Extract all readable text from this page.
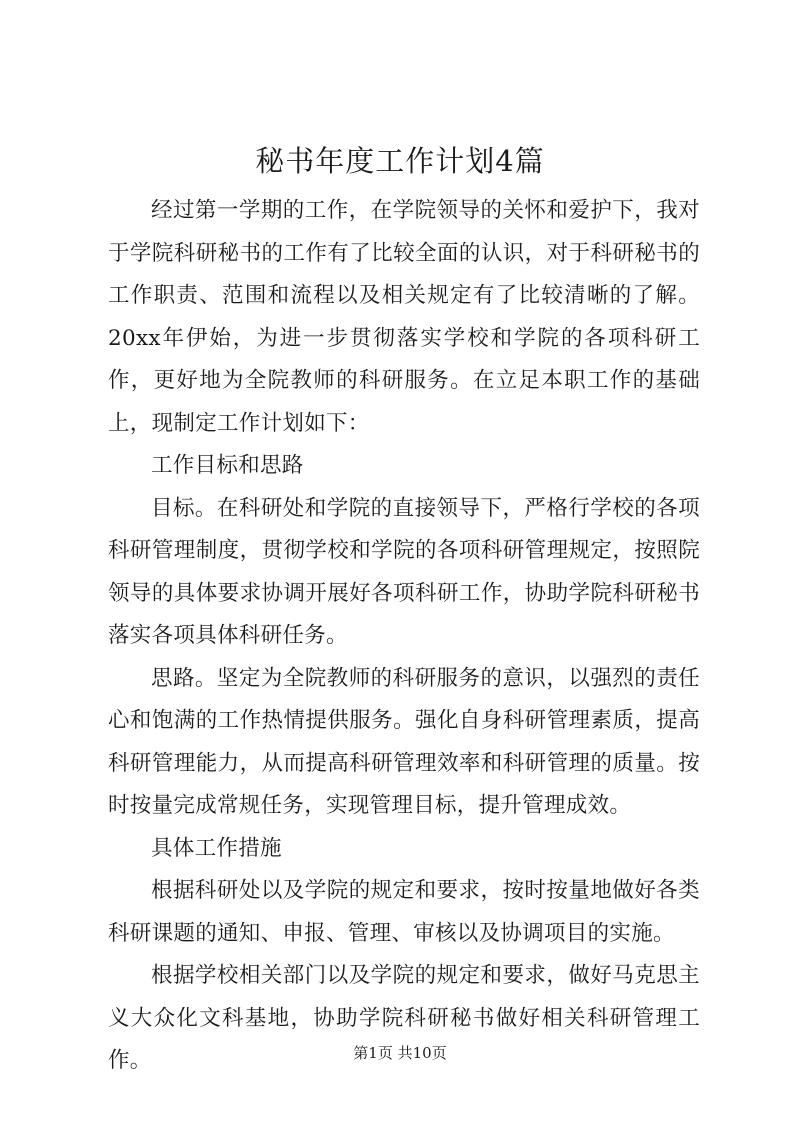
秘书年度工作计划4篇

经过第一学期的工作，在学院领导的关怀和爱护下，我对于学院科研秘书的工作有了比较全面的认识，对于科研秘书的工作职责、范围和流程以及相关规定有了比较清晰的了解。20xx年伊始，为进一步贯彻落实学校和学院的各项科研工作，更好地为全院教师的科研服务。在立足本职工作的基础上，现制定工作计划如下：

工作目标和思路

目标。在科研处和学院的直接领导下，严格行学校的各项科研管理制度，贯彻学校和学院的各项科研管理规定，按照院领导的具体要求协调开展好各项科研工作，协助学院科研秘书落实各项具体科研任务。

思路。坚定为全院教师的科研服务的意识，以强烈的责任心和饱满的工作热情提供服务。强化自身科研管理素质，提高科研管理能力，从而提高科研管理效率和科研管理的质量。按时按量完成常规任务，实现管理目标，提升管理成效。

具体工作措施

根据科研处以及学院的规定和要求，按时按量地做好各类科研课题的通知、申报、管理、审核以及协调项目的实施。

根据学校相关部门以及学院的规定和要求，做好马克思主义大众化文科基地，协助学院科研秘书做好相关科研管理工作。	第1页 共10页
